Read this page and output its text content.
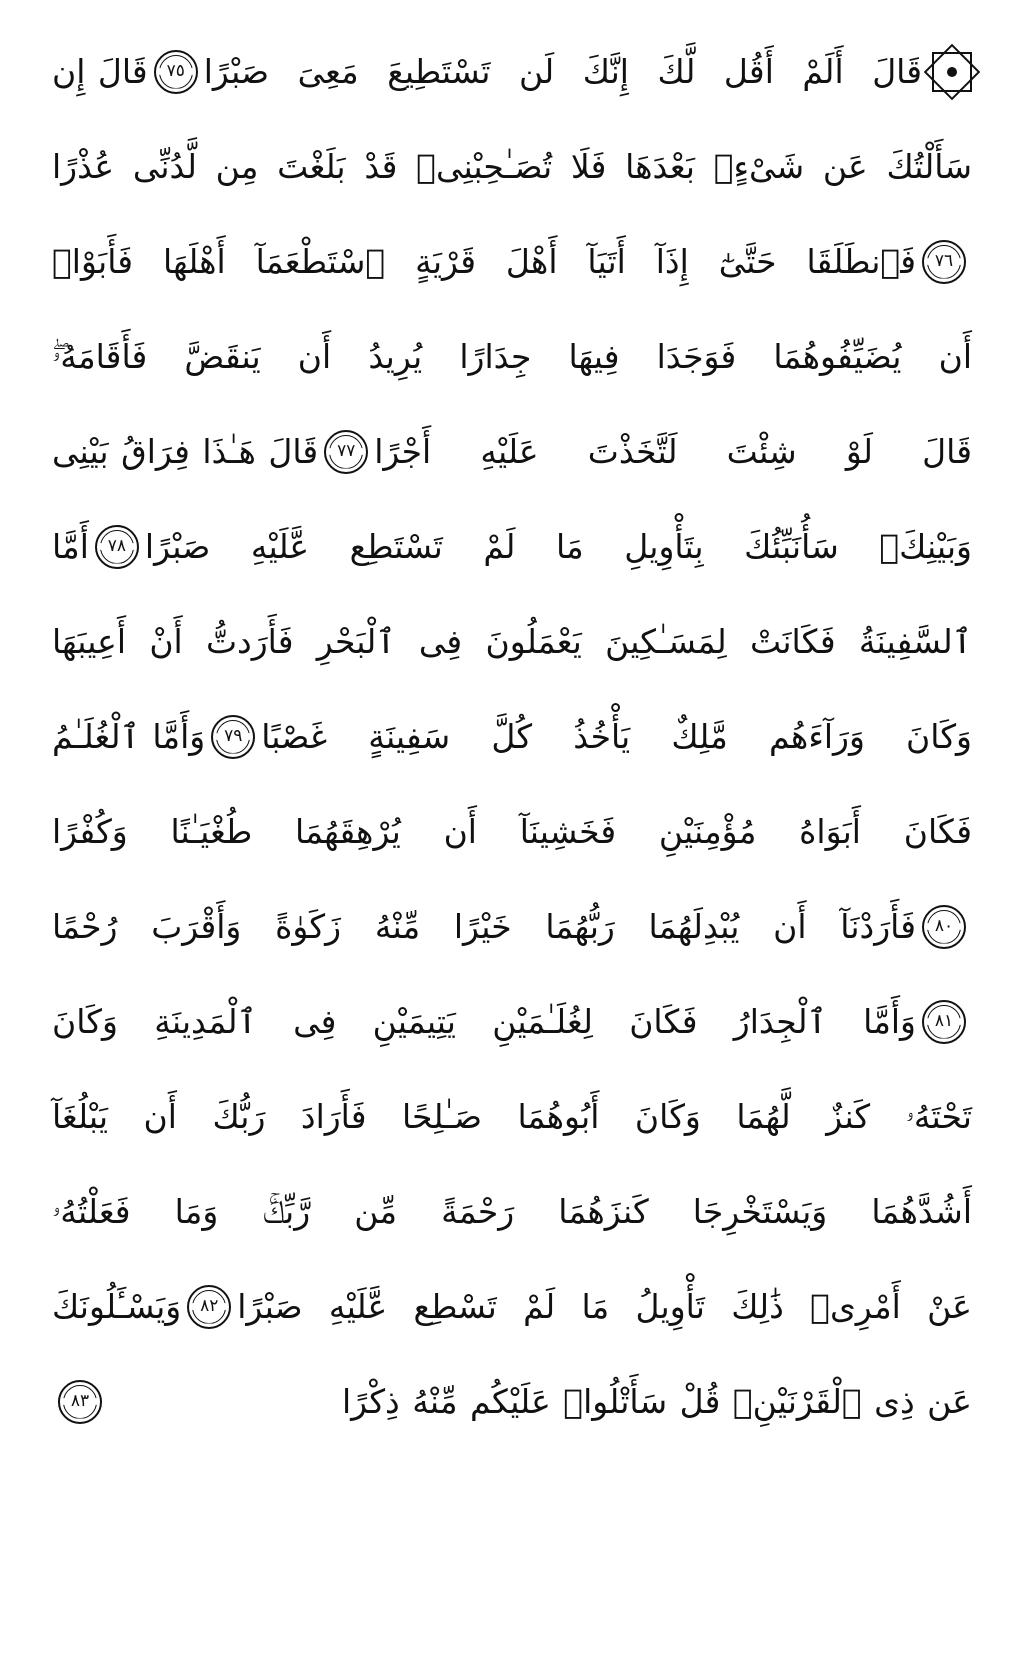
قَالَ أَلَمْ أَقُل لَّكَ إِنَّكَ لَن تَسْتَطِيعَ مَعِىَ صَبْرًا
٧٥
قَالَ إِن
سَأَلْتُكَ عَن شَىْءٍۭ بَعْدَهَا فَلَا تُصَـٰحِبْنِىۖ قَدْ بَلَغْتَ مِن لَّدُنِّى عُذْرًا
٧٦
فَٱنطَلَقَا حَتَّىٰٓ إِذَآ أَتَيَآ أَهْلَ قَرْيَةٍ ٱسْتَطْعَمَآ أَهْلَهَا فَأَبَوْا۟
أَن يُضَيِّفُوهُمَا فَوَجَدَا فِيهَا جِدَارًا يُرِيدُ أَن يَنقَضَّ فَأَقَامَهُۥۖ
قَالَ لَوْ شِئْتَ لَتَّخَذْتَ عَلَيْهِ أَجْرًا
٧٧
قَالَ هَـٰذَا فِرَاقُ بَيْنِى
وَبَيْنِكَۚ سَأُنَبِّئُكَ بِتَأْوِيلِ مَا لَمْ تَسْتَطِع عَّلَيْهِ صَبْرًا
٧٨
أَمَّا
ٱلسَّفِينَةُ فَكَانَتْ لِمَسَـٰكِينَ يَعْمَلُونَ فِى ٱلْبَحْرِ فَأَرَدتُّ أَنْ أَعِيبَهَا
وَكَانَ وَرَآءَهُم مَّلِكٌ يَأْخُذُ كُلَّ سَفِينَةٍ غَصْبًا
٧٩
وَأَمَّا ٱلْغُلَـٰمُ
فَكَانَ أَبَوَاهُ مُؤْمِنَيْنِ فَخَشِينَآ أَن يُرْهِقَهُمَا طُغْيَـٰنًا وَكُفْرًا
٨٠
فَأَرَدْنَآ أَن يُبْدِلَهُمَا رَبُّهُمَا خَيْرًا مِّنْهُ زَكَوٰةً وَأَقْرَبَ رُحْمًا
٨١
وَأَمَّا ٱلْجِدَارُ فَكَانَ لِغُلَـٰمَيْنِ يَتِيمَيْنِ فِى ٱلْمَدِينَةِ وَكَانَ
تَحْتَهُۥ كَنزٌ لَّهُمَا وَكَانَ أَبُوهُمَا صَـٰلِحًا فَأَرَادَ رَبُّكَ أَن يَبْلُغَآ
أَشُدَّهُمَا وَيَسْتَخْرِجَا كَنزَهُمَا رَحْمَةً مِّن رَّبِّكَۚ وَمَا فَعَلْتُهُۥ
عَنْ أَمْرِىۚ ذَٰلِكَ تَأْوِيلُ مَا لَمْ تَسْطِع عَّلَيْهِ صَبْرًا
٨٢
وَيَسْـَٔلُونَكَ
عَن ذِى ٱلْقَرْنَيْنِۖ قُلْ سَأَتْلُوا۟ عَلَيْكُم مِّنْهُ ذِكْرًا
٨٣
